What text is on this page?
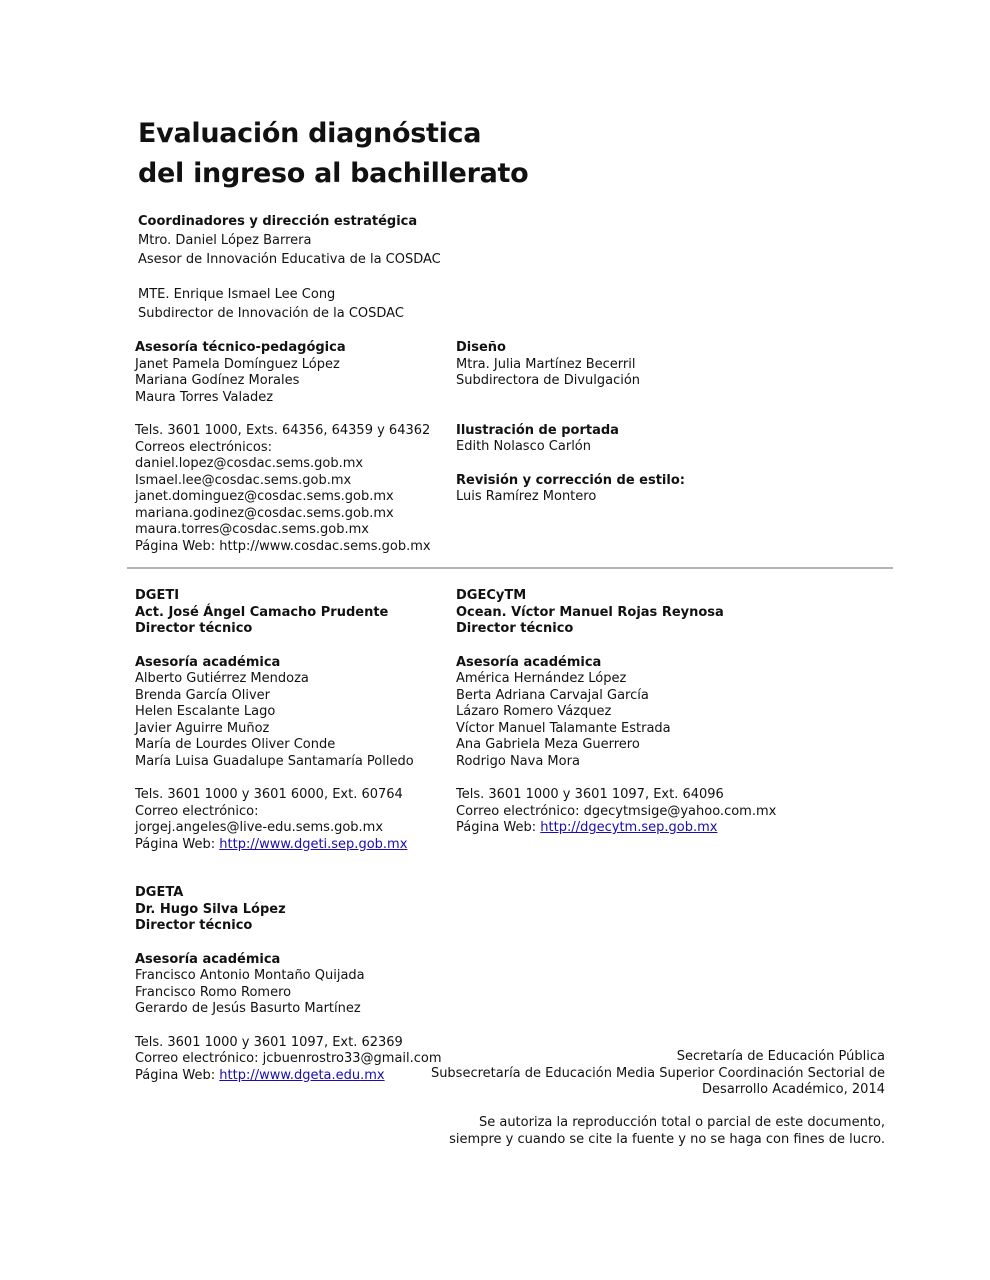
Evaluación diagnóstica
del ingreso al bachillerato
Coordinadores y dirección estratégica
Mtro. Daniel López Barrera
Asesor de Innovación Educativa de la COSDAC
MTE. Enrique Ismael Lee Cong
Subdirector de Innovación de la COSDAC
Asesoría técnico-pedagógica
Janet Pamela Domínguez López
Mariana Godínez Morales
Maura Torres Valadez
Tels. 3601 1000, Exts. 64356, 64359 y 64362
Correos electrónicos:
daniel.lopez@cosdac.sems.gob.mx
Ismael.lee@cosdac.sems.gob.mx
janet.dominguez@cosdac.sems.gob.mx
mariana.godinez@cosdac.sems.gob.mx
maura.torres@cosdac.sems.gob.mx
Página Web: http://www.cosdac.sems.gob.mx
Diseño
Mtra. Julia Martínez Becerril
Subdirectora de Divulgación
Ilustración de portada
Edith Nolasco Carlón
Revisión y corrección de estilo:
Luis Ramírez Montero
DGETI
Act. José Ángel Camacho Prudente
Director técnico
Asesoría académica
Alberto Gutiérrez Mendoza
Brenda García Oliver
Helen Escalante Lago
Javier Aguirre Muñoz
María de Lourdes Oliver Conde
María Luisa Guadalupe Santamaría Polledo
Tels. 3601 1000 y 3601 6000, Ext. 60764
Correo electrónico:
jorgej.angeles@live-edu.sems.gob.mx
Página Web: http://www.dgeti.sep.gob.mx
DGECyTM
Ocean. Víctor Manuel Rojas Reynosa
Director técnico
Asesoría académica
América Hernández López
Berta Adriana Carvajal García
Lázaro Romero Vázquez
Víctor Manuel Talamante Estrada
Ana Gabriela Meza Guerrero
Rodrigo Nava Mora
Tels. 3601 1000 y 3601 1097, Ext. 64096
Correo electrónico: dgecytmsige@yahoo.com.mx
Página Web: http://dgecytm.sep.gob.mx
DGETA
Dr. Hugo Silva López
Director técnico
Asesoría académica
Francisco Antonio Montaño Quijada
Francisco Romo Romero
Gerardo de Jesús Basurto Martínez
Tels. 3601 1000 y 3601 1097, Ext. 62369
Correo electrónico: jcbuenrostro33@gmail.com
Página Web: http://www.dgeta.edu.mx
Secretaría de Educación Pública
Subsecretaría de Educación Media Superior Coordinación Sectorial de
Desarrollo Académico, 2014
Se autoriza la reproducción total o parcial de este documento,
siempre y cuando se cite la fuente y no se haga con fines de lucro.
